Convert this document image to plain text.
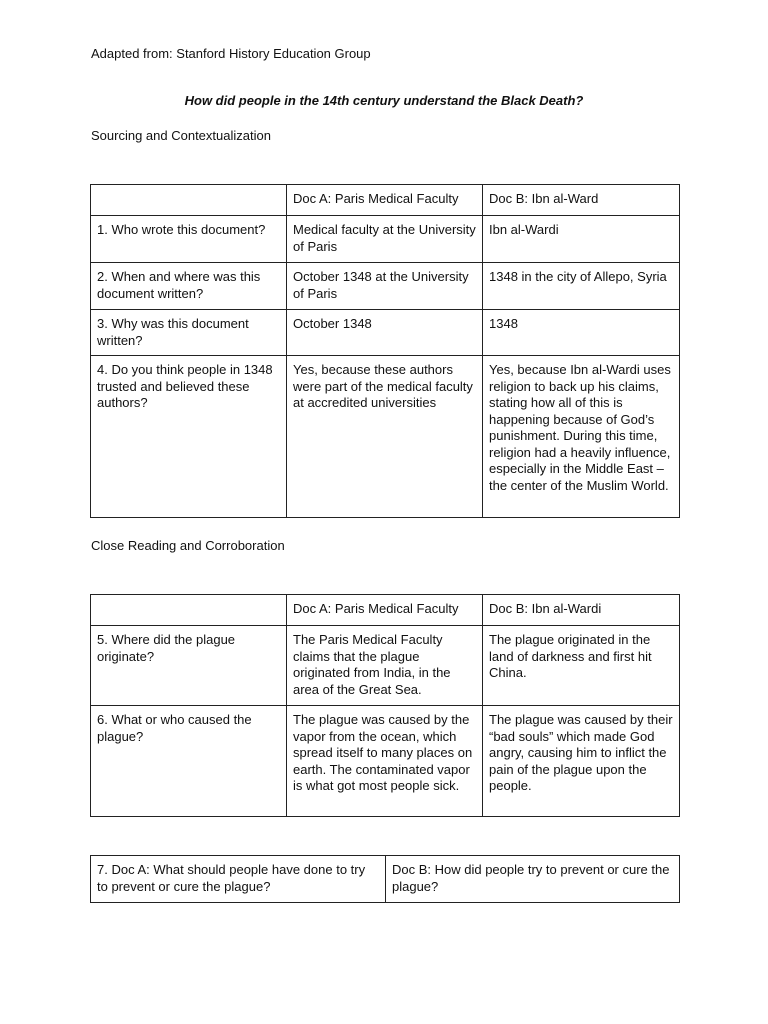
Adapted from: Stanford History Education Group
How did people in the 14th century understand the Black Death?
Sourcing and Contextualization
	Doc A: Paris Medical Faculty	Doc B: Ibn al-Ward
1. Who wrote this document?	Medical faculty at the University of Paris	Ibn al-Wardi
2. When and where was this document written?	October 1348 at the University of Paris	1348 in the city of Allepo, Syria
3. Why was this document written?	October 1348	1348
4. Do you think people in 1348 trusted and believed these authors?	Yes, because these authors were part of the medical faculty at accredited universities	Yes, because Ibn al-Wardi uses religion to back up his claims, stating how all of this is happening because of God’s punishment. During this time, religion had a heavily influence, especially in the Middle East – the center of the Muslim World.
Close Reading and Corroboration
	Doc A: Paris Medical Faculty	Doc B: Ibn al-Wardi
5. Where did the plague originate?	The Paris Medical Faculty claims that the plague originated from India, in the area of the Great Sea.	The plague originated in the land of darkness and first hit China.
6. What or who caused the plague?	The plague was caused by the vapor from the ocean, which spread itself to many places on earth. The contaminated vapor is what got most people sick.	The plague was caused by their “bad souls” which made God angry, causing him to inflict the pain of the plague upon the people.
7. Doc A: What should people have done to try to prevent or cure the plague?	Doc B: How did people try to prevent or cure the plague?
